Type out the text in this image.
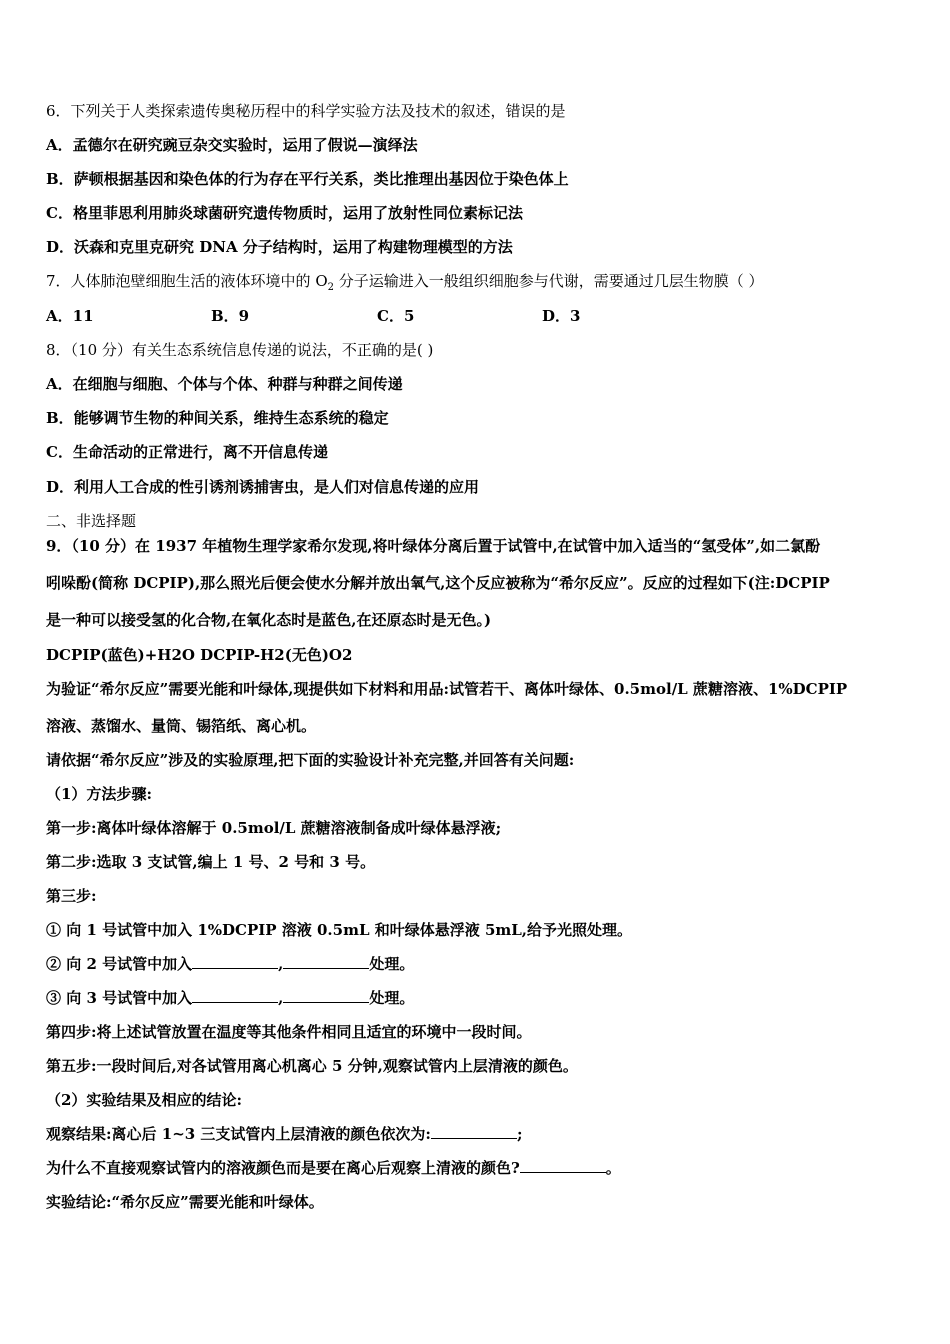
6．下列关于人类探索遗传奥秘历程中的科学实验方法及技术的叙述，错误的是
A．孟德尔在研究豌豆杂交实验时，运用了假说—演绎法
B．萨顿根据基因和染色体的行为存在平行关系，类比推理出基因位于染色体上
C．格里菲思利用肺炎球菌研究遗传物质时，运用了放射性同位素标记法
D．沃森和克里克研究 DNA 分子结构时，运用了构建物理模型的方法
7．人体肺泡壁细胞生活的液体环境中的 $O_2$ 分子运输进入一般组织细胞参与代谢，需要通过几层生物膜（ ）
A．11	B．9	C．5	D．3
8．（10 分）有关生态系统信息传递的说法，不正确的是( )
A．在细胞与细胞、个体与个体、种群与种群之间传递
B．能够调节生物的种间关系，维持生态系统的稳定
C．生命活动的正常进行，离不开信息传递
D．利用人工合成的性引诱剂诱捕害虫，是人们对信息传递的应用
二、非选择题
9．（10 分）在 1937 年植物生理学家希尔发现,将叶绿体分离后置于试管中,在试管中加入适当的“氢受体”,如二氯酚
吲哚酚(简称 DCPIP),那么照光后便会使水分解并放出氧气,这个反应被称为“希尔反应”。反应的过程如下(注:DCPIP
是一种可以接受氢的化合物,在氧化态时是蓝色,在还原态时是无色。)
DCPIP(蓝色)+H2O DCPIP-H2(无色)O2
为验证“希尔反应”需要光能和叶绿体,现提供如下材料和用品:试管若干、离体叶绿体、0.5mol/L 蔗糖溶液、1%DCPIP
溶液、蒸馏水、量筒、锡箔纸、离心机。
请依据“希尔反应”涉及的实验原理,把下面的实验设计补充完整,并回答有关问题:
（1）方法步骤:
第一步:离体叶绿体溶解于 0.5mol/L 蔗糖溶液制备成叶绿体悬浮液;
第二步:选取 3 支试管,编上 1 号、2 号和 3 号。
第三步:
① 向 1 号试管中加入 1%DCPIP 溶液 0.5mL 和叶绿体悬浮液 5mL,给予光照处理。
② 向 2 号试管中加入	,	处理。
③ 向 3 号试管中加入	,	处理。
第四步:将上述试管放置在温度等其他条件相同且适宜的环境中一段时间。
第五步:一段时间后,对各试管用离心机离心 5 分钟,观察试管内上层清液的颜色。
（2）实验结果及相应的结论:
观察结果:离心后 1~3 三支试管内上层清液的颜色依次为:	;
为什么不直接观察试管内的溶液颜色而是要在离心后观察上清液的颜色?	。
实验结论:“希尔反应”需要光能和叶绿体。
